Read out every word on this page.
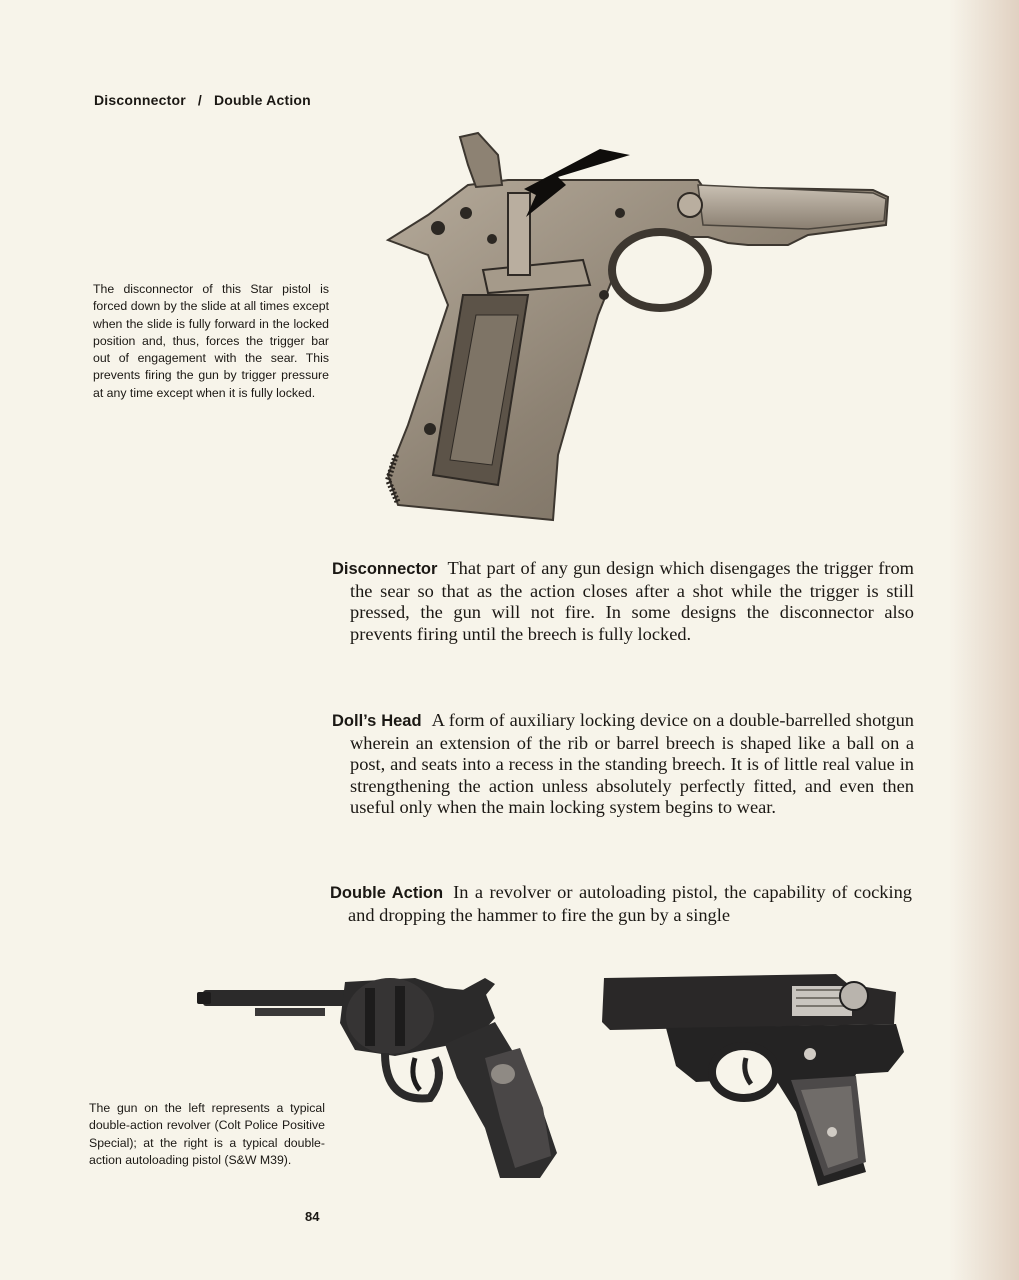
Disconnector / Double Action
The disconnector of this Star pistol is forced down by the slide at all times except when the slide is fully forward in the locked position and, thus, forces the trigger bar out of engagement with the sear. This prevents firing the gun by trigger pressure at any time except when it is fully locked.
Disconnector That part of any gun design which disengages the trigger from the sear so that as the action closes after a shot while the trigger is still pressed, the gun will not fire. In some designs the disconnector also prevents firing until the breech is fully locked.
Doll’s Head A form of auxiliary locking device on a double-barrelled shotgun wherein an extension of the rib or barrel breech is shaped like a ball on a post, and seats into a recess in the standing breech. It is of little real value in strengthening the action unless absolutely perfectly fitted, and even then useful only when the main locking system begins to wear.
Double Action In a revolver or autoloading pistol, the capability of cocking and dropping the hammer to fire the gun by a single
The gun on the left represents a typical double-action revolver (Colt Police Positive Special); at the right is a typical double-action autoloading pistol (S&W M39).
84
